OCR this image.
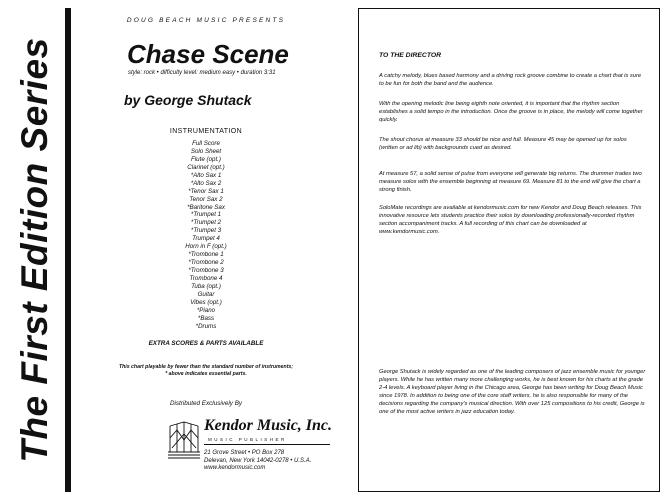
The First Edition Series
DOUG BEACH MUSIC PRESENTS
Chase Scene
style: rock • difficulty level: medium easy • duration 3:31
by George Shutack
INSTRUMENTATION
Full Score
Solo Sheet
Flute (opt.)
Clarinet (opt.)
*Alto Sax 1
*Alto Sax 2
*Tenor Sax 1
Tenor Sax 2
*Baritone Sax
*Trumpet 1
*Trumpet 2
*Trumpet 3
Trumpet 4
Horn in F (opt.)
*Trombone 1
*Trombone 2
*Trombone 3
Trombone 4
Tuba (opt.)
Guitar
Vibes (opt.)
*Piano
*Bass
*Drums
EXTRA SCORES & PARTS AVAILABLE
This chart playable by fewer than the standard number of instruments;
* above indicates essential parts.
Distributed Exclusively By
Kendor Music, Inc.
MUSIC PUBLISHER
21 Grove Street • PO Box 278
Delevan, New York 14042-0278 • U.S.A.
www.kendormusic.com
TO THE DIRECTOR

A catchy melody, blues based harmony and a driving rock groove combine to create a chart that is sure to be fun for both the band and the audience.

With the opening melodic line being eighth note oriented, it is important that the rhythm section establishes a solid tempo in the introduction. Once the groove is in place, the melody will come together quickly.

The shout chorus at measure 33 should be nice and full. Measure 45 may be opened up for solos (written or ad lib) with backgrounds cued as desired.

At measure 57, a solid sense of pulse from everyone will generate big returns. The drummer trades two measure solos with the ensemble beginning at measure 69. Measure 81 to the end will give the chart a strong finish.

SoloMate recordings are available at kendormusic.com for new Kendor and Doug Beach releases. This innovative resource lets students practice their solos by downloading professionally-recorded rhythm section accompaniment tracks. A full recording of this chart can be downloaded at www.kendormusic.com.

George Shutack is widely regarded as one of the leading composers of jazz ensemble music for younger players. While he has written many more challenging works, he is best known for his charts at the grade 2-4 levels. A keyboard player living in the Chicago area, George has been writing for Doug Beach Music since 1978. In addition to being one of the core staff writers, he is also responsible for many of the decisions regarding the company's musical direction. With over 125 compositions to his credit, George is one of the most active writers in jazz education today.
